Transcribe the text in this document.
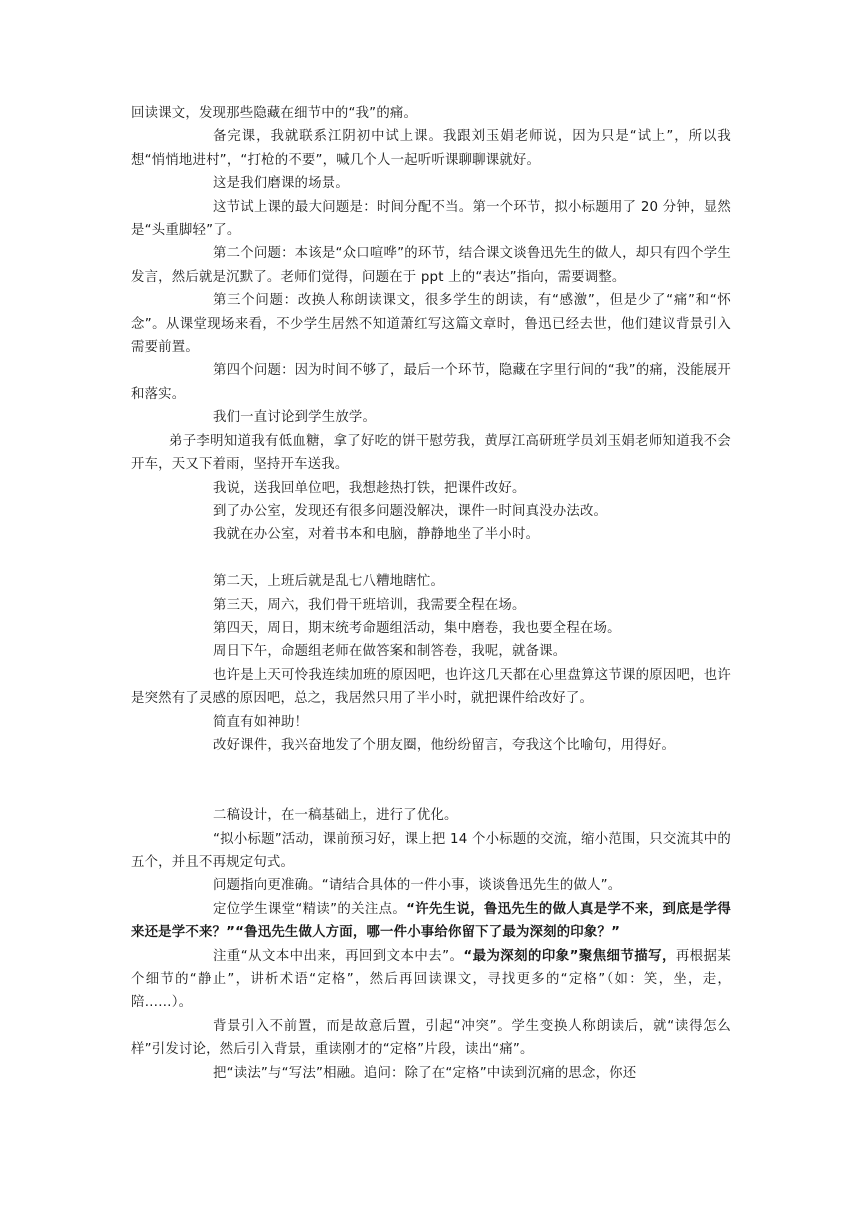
回读课文，发现那些隐藏在细节中的“我”的痛。

备完课，我就联系江阴初中试上课。我跟刘玉娟老师说，因为只是“试上”，所以我想“悄悄地进村”，“打枪的不要”，喊几个人一起听听课聊聊课就好。

这是我们磨课的场景。

这节试上课的最大问题是：时间分配不当。第一个环节，拟小标题用了 20 分钟，显然是“头重脚轻”了。

第二个问题：本该是“众口喧哗”的环节，结合课文谈鲁迅先生的做人，却只有四个学生发言，然后就是沉默了。老师们觉得，问题在于 ppt 上的“表达”指向，需要调整。

第三个问题：改换人称朗读课文，很多学生的朗读，有“感激”，但是少了“痛”和“怀念”。从课堂现场来看，不少学生居然不知道萧红写这篇文章时，鲁迅已经去世，他们建议背景引入需要前置。

第四个问题：因为时间不够了，最后一个环节，隐藏在字里行间的“我”的痛，没能展开和落实。

我们一直讨论到学生放学。

弟子李明知道我有低血糖，拿了好吃的饼干慰劳我，黄厚江高研班学员刘玉娟老师知道我不会开车，天又下着雨，坚持开车送我。

我说，送我回单位吧，我想趁热打铁，把课件改好。

到了办公室，发现还有很多问题没解决，课件一时间真没办法改。

我就在办公室，对着书本和电脑，静静地坐了半小时。

第二天，上班后就是乱七八糟地瞎忙。

第三天，周六，我们骨干班培训，我需要全程在场。

第四天，周日，期末统考命题组活动，集中磨卷，我也要全程在场。

周日下午，命题组老师在做答案和制答卷，我呢，就备课。

也许是上天可怜我连续加班的原因吧，也许这几天都在心里盘算这节课的原因吧，也许是突然有了灵感的原因吧，总之，我居然只用了半小时，就把课件给改好了。

简直有如神助！

改好课件，我兴奋地发了个朋友圈，他纷纷留言，夸我这个比喻句，用得好。

二稿设计，在一稿基础上，进行了优化。

“拟小标题”活动，课前预习好，课上把 14 个小标题的交流，缩小范围，只交流其中的五个，并且不再规定句式。

问题指向更准确。“请结合具体的一件小事，谈谈鲁迅先生的做人”。

定位学生课堂“精读”的关注点。“许先生说，鲁迅先生的做人真是学不来，到底是学得来还是学不来？”“鲁迅先生做人方面，哪一件小事给你留下了最为深刻的印象？”

注重“从文本中出来，再回到文本中去”。“最为深刻的印象”聚焦细节描写，再根据某个细节的“静止”，讲析术语“定格”，然后再回读课文，寻找更多的“定格”（如：笑，坐，走，陪……）。

背景引入不前置，而是故意后置，引起“冲突”。学生变换人称朗读后，就“读得怎么样”引发讨论，然后引入背景，重读刚才的“定格”片段，读出“痛”。

把“读法”与“写法”相融。追问：除了在“定格”中读到沉痛的思念，你还
